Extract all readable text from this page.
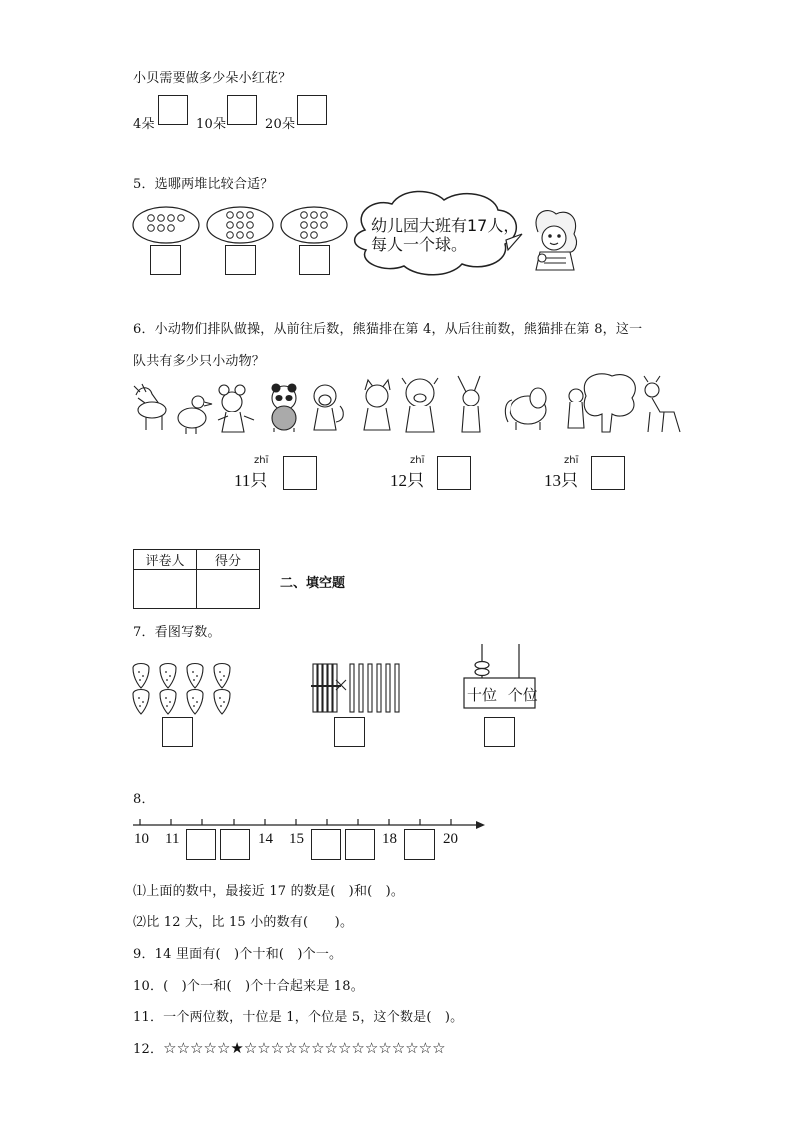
小贝需要做多少朵小红花？
4朵	10朵	20朵
5．选哪两堆比较合适？
幼儿园大班有17人，
每人一个球。
6．小动物们排队做操，从前往后数，熊猫排在第 4，从后往前数，熊猫排在第 8，这一
队共有多少只小动物？
zhī
11只
zhī
12只
zhī
13只
评卷人	得分

二、填空题
7．看图写数。
十位 个位
8．
10 11	14 15	18	20
⑴上面的数中，最接近 17 的数是(　)和(　)。
⑵比 12 大，比 15 小的数有(　　)。
9．14 里面有(　)个十和(　)个一。
10．(　)个一和(　)个十合起来是 18。
11．一个两位数，十位是 1，个位是 5，这个数是(　)。
12．☆☆☆☆☆★☆☆☆☆☆☆☆☆☆☆☆☆☆☆☆
